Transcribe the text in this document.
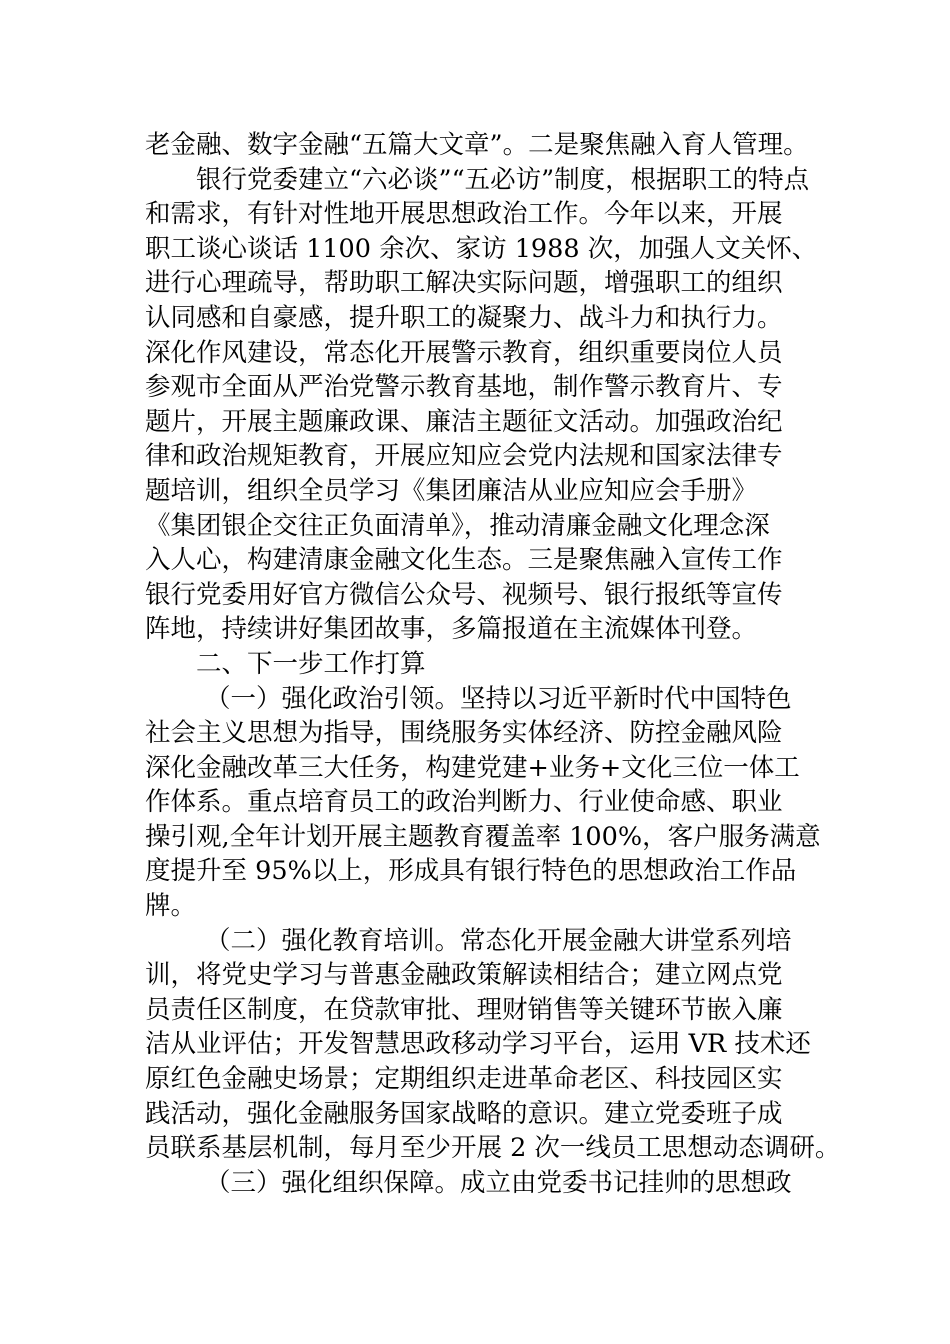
老金融、数字金融“五篇大文章”。二是聚焦融入育人管理。
银行党委建立“六必谈”“五必访”制度，根据职工的特点
和需求，有针对性地开展思想政治工作。今年以来，开展
职工谈心谈话 1100 余次、家访 1988 次，加强人文关怀、
进行心理疏导，帮助职工解决实际问题，增强职工的组织
认同感和自豪感，提升职工的凝聚力、战斗力和执行力。
深化作风建设，常态化开展警示教育，组织重要岗位人员
参观市全面从严治党警示教育基地，制作警示教育片、专
题片，开展主题廉政课、廉洁主题征文活动。加强政治纪
律和政治规矩教育，开展应知应会党内法规和国家法律专
题培训，组织全员学习《集团廉洁从业应知应会手册》
《集团银企交往正负面清单》，推动清廉金融文化理念深
入人心，构建清康金融文化生态。三是聚焦融入宣传工作
银行党委用好官方微信公众号、视频号、银行报纸等宣传
阵地，持续讲好集团故事，多篇报道在主流媒体刊登。
二、下一步工作打算
（一）强化政治引领。坚持以习近平新时代中国特色
社会主义思想为指导，围绕服务实体经济、防控金融风险
深化金融改革三大任务，构建党建+业务+文化三位一体工
作体系。重点培育员工的政治判断力、行业使命感、职业
操引观,全年计划开展主题教育覆盖率 100%，客户服务满意
度提升至 95%以上，形成具有银行特色的思想政治工作品
牌。
（二）强化教育培训。常态化开展金融大讲堂系列培
训，将党史学习与普惠金融政策解读相结合；建立网点党
员责任区制度，在贷款审批、理财销售等关键环节嵌入廉
洁从业评估；开发智慧思政移动学习平台，运用 VR 技术还
原红色金融史场景；定期组织走进革命老区、科技园区实
践活动，强化金融服务国家战略的意识。建立党委班子成
员联系基层机制，每月至少开展 2 次一线员工思想动态调研。
（三）强化组织保障。成立由党委书记挂帅的思想政
